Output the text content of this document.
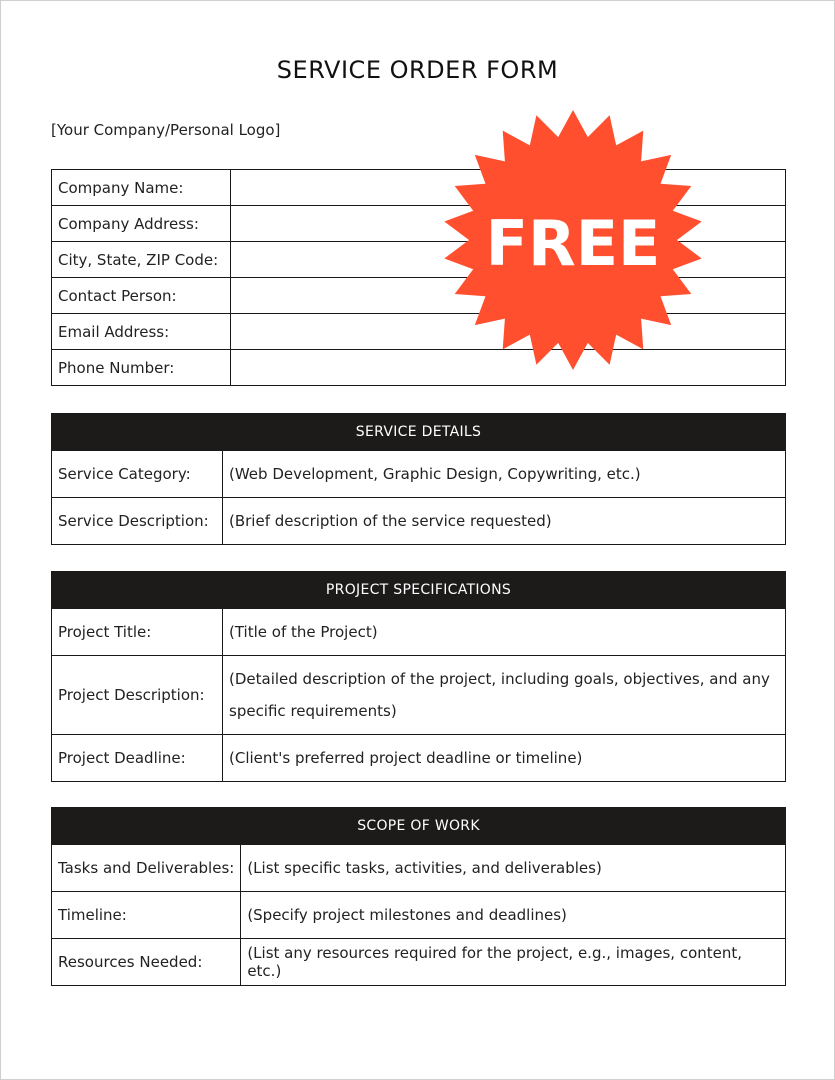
SERVICE ORDER FORM
[Your Company/Personal Logo]
Company Name:	
Company Address:	
City, State, ZIP Code:	
Contact Person:	
Email Address:	
Phone Number:	
FREE
SERVICE DETAILS	
Service Category:	(Web Development, Graphic Design, Copywriting, etc.)
Service Description:	(Brief description of the service requested)
PROJECT SPECIFICATIONS	
Project Title:	(Title of the Project)
Project Description:	(Detailed description of the project, including goals, objectives, and any specific requirements)
Project Deadline:	(Client's preferred project deadline or timeline)
SCOPE OF WORK	
Tasks and Deliverables:	(List specific tasks, activities, and deliverables)
Timeline:	(Specify project milestones and deadlines)
Resources Needed:	(List any resources required for the project, e.g., images, content, etc.)
